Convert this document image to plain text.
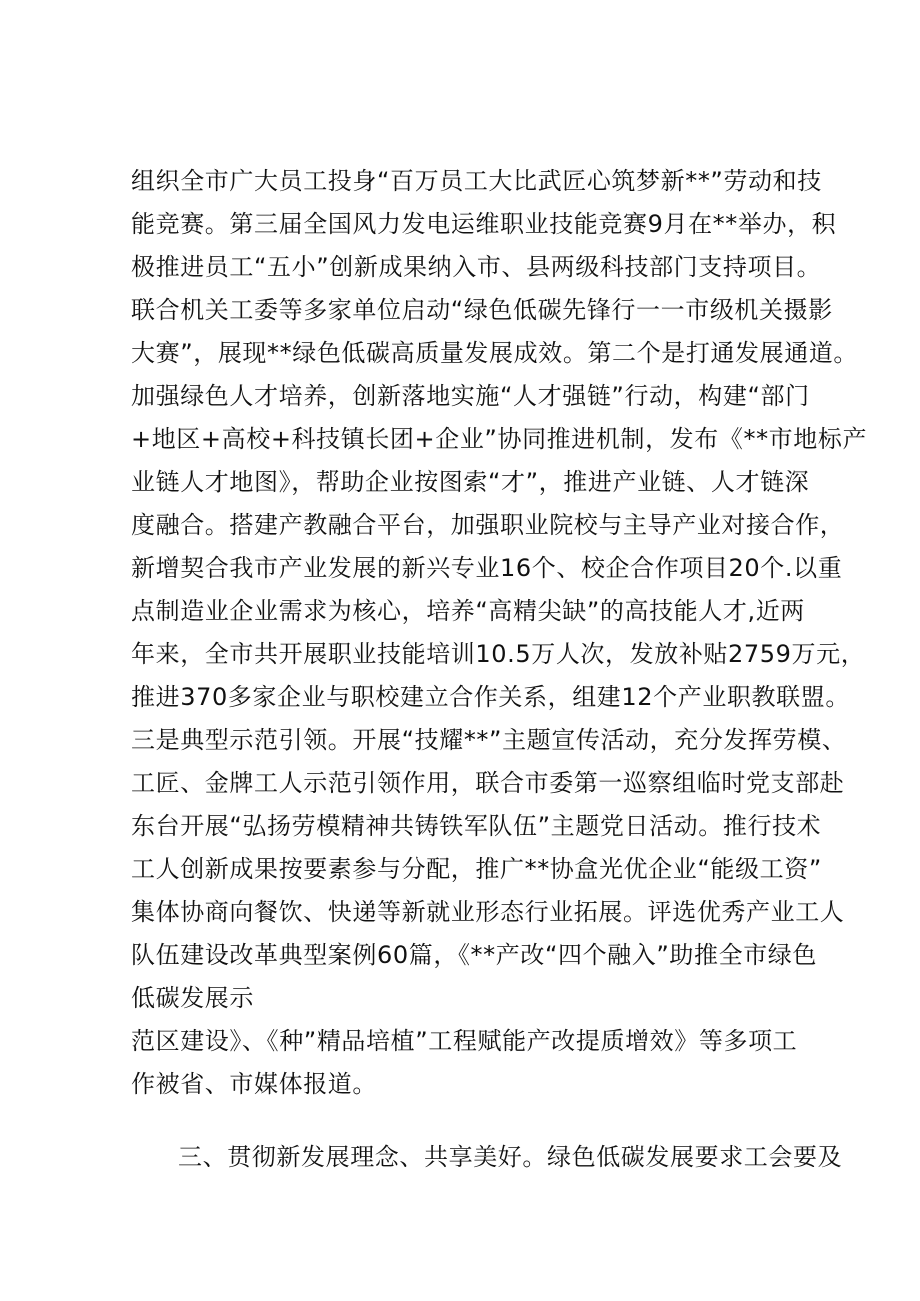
组织全市广大员工投身“百万员工大比武匠心筑梦新**”劳动和技
能竞赛。第三届全国风力发电运维职业技能竞赛9月在**举办，积
极推进员工“五小”创新成果纳入市、县两级科技部门支持项目。
联合机关工委等多家单位启动“绿色低碳先锋行一一市级机关摄影
大赛”，展现**绿色低碳高质量发展成效。第二个是打通发展通道。
加强绿色人才培养，创新落地实施“人才强链”行动，构建“部门
+地区+高校+科技镇长团+企业”协同推进机制，发布《**市地标产
业链人才地图》，帮助企业按图索“才”，推进产业链、人才链深
度融合。搭建产教融合平台，加强职业院校与主导产业对接合作，
新增契合我市产业发展的新兴专业16个、校企合作项目20个.以重
点制造业企业需求为核心，培养“高精尖缺”的高技能人才,近两
年来，全市共开展职业技能培训10.5万人次，发放补贴2759万元，
推进370多家企业与职校建立合作关系，组建12个产业职教联盟。
三是典型示范引领。开展“技耀**”主题宣传活动，充分发挥劳模、
工匠、金牌工人示范引领作用，联合市委第一巡察组临时党支部赴
东台开展“弘扬劳模精神共铸铁军队伍”主题党日活动。推行技术
工人创新成果按要素参与分配，推广**协盒光优企业“能级工资”
集体协商向餐饮、快递等新就业形态行业拓展。评选优秀产业工人
队伍建设改革典型案例60篇，《**产改“四个融入”助推全市绿色
低碳发展示
范区建设》、《种”精品培植”工程赋能产改提质增效》等多项工
作被省、市媒体报道。
三、贯彻新发展理念、共享美好。绿色低碳发展要求工会要及
